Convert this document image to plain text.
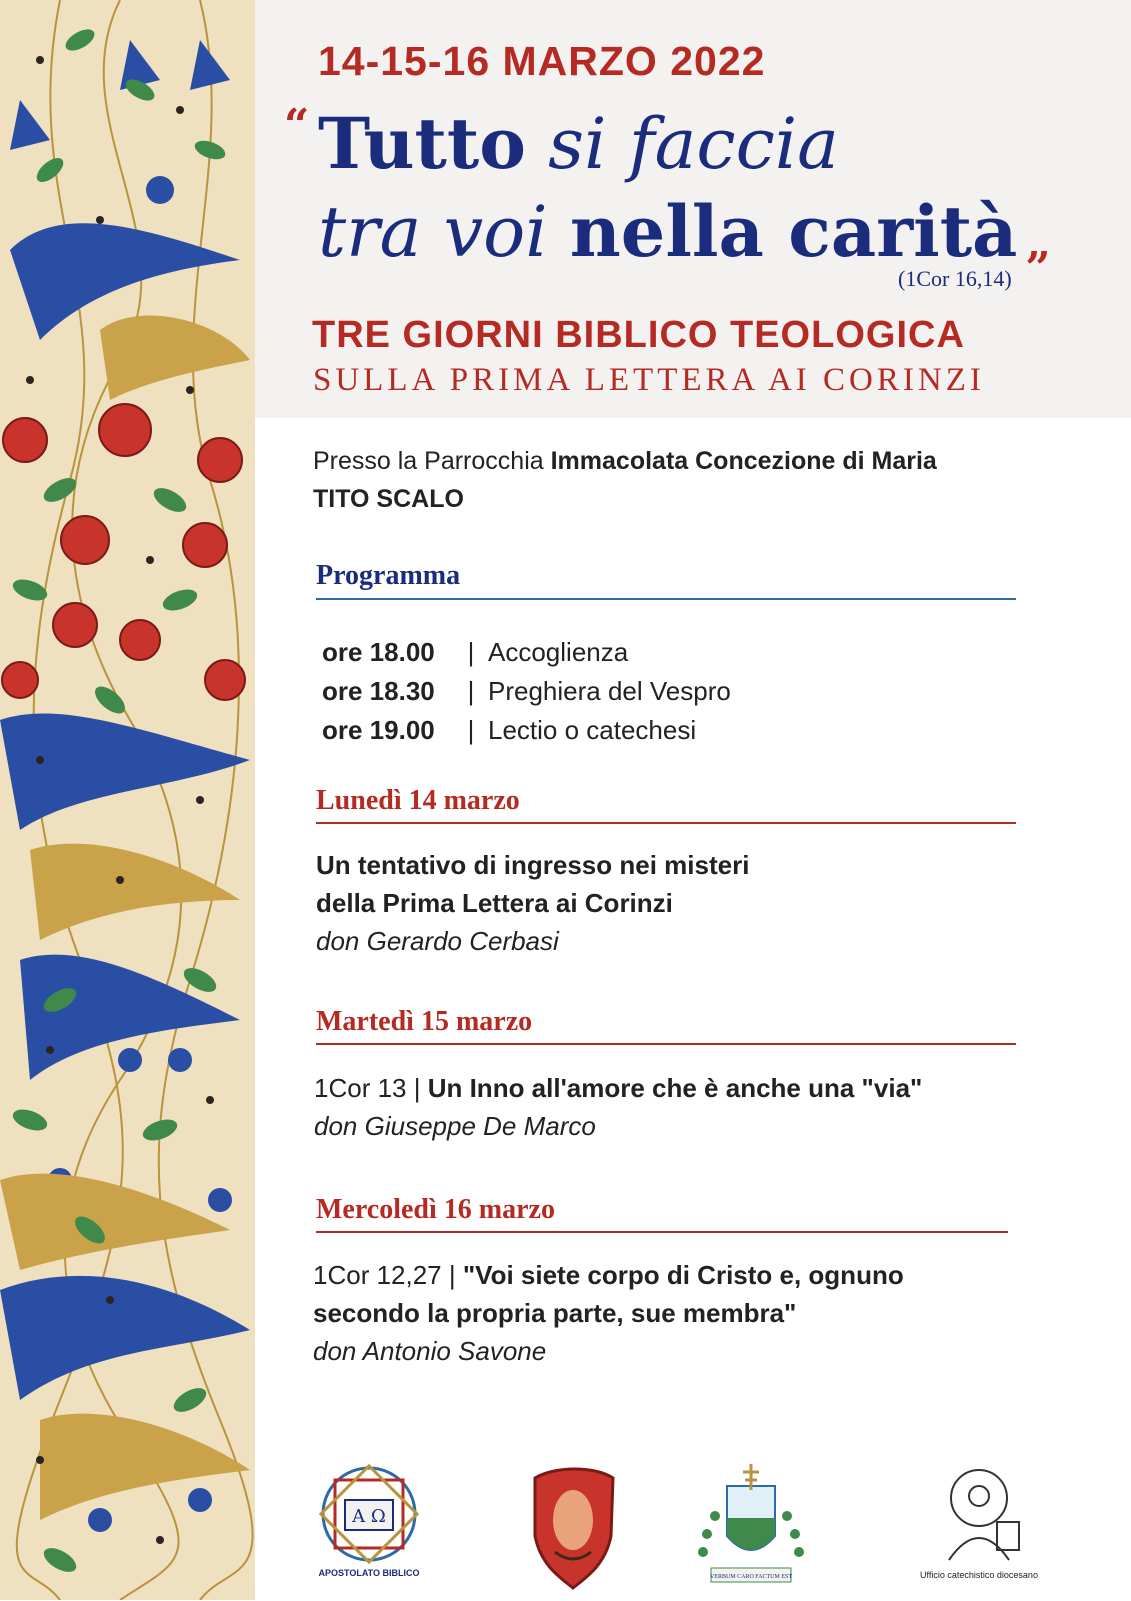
14-15-16 MARZO 2022
“ Tutto si faccia
tra voi nella carità „
(1Cor 16,14)
TRE GIORNI BIBLICO TEOLOGICA
SULLA PRIMA LETTERA AI CORINZI
Presso la Parrocchia Immacolata Concezione di Maria
TITO SCALO
Programma
ore 18.00 | Accoglienza
ore 18.30 | Preghiera del Vespro
ore 19.00 | Lectio o catechesi
Lunedì 14 marzo
Un tentativo di ingresso nei misteri
della Prima Lettera ai Corinzi
don Gerardo Cerbasi
Martedì 15 marzo
1Cor 13 | Un Inno all'amore che è anche una "via"
don Giuseppe De Marco
Mercoledì 16 marzo
1Cor 12,27 | "Voi siete corpo di Cristo e, ognuno
secondo la propria parte, sue membra"
don Antonio Savone
A Ω
APOSTOLATO BIBLICO	VERBUM CARO FACTUM EST	Ufficio catechistico diocesano
